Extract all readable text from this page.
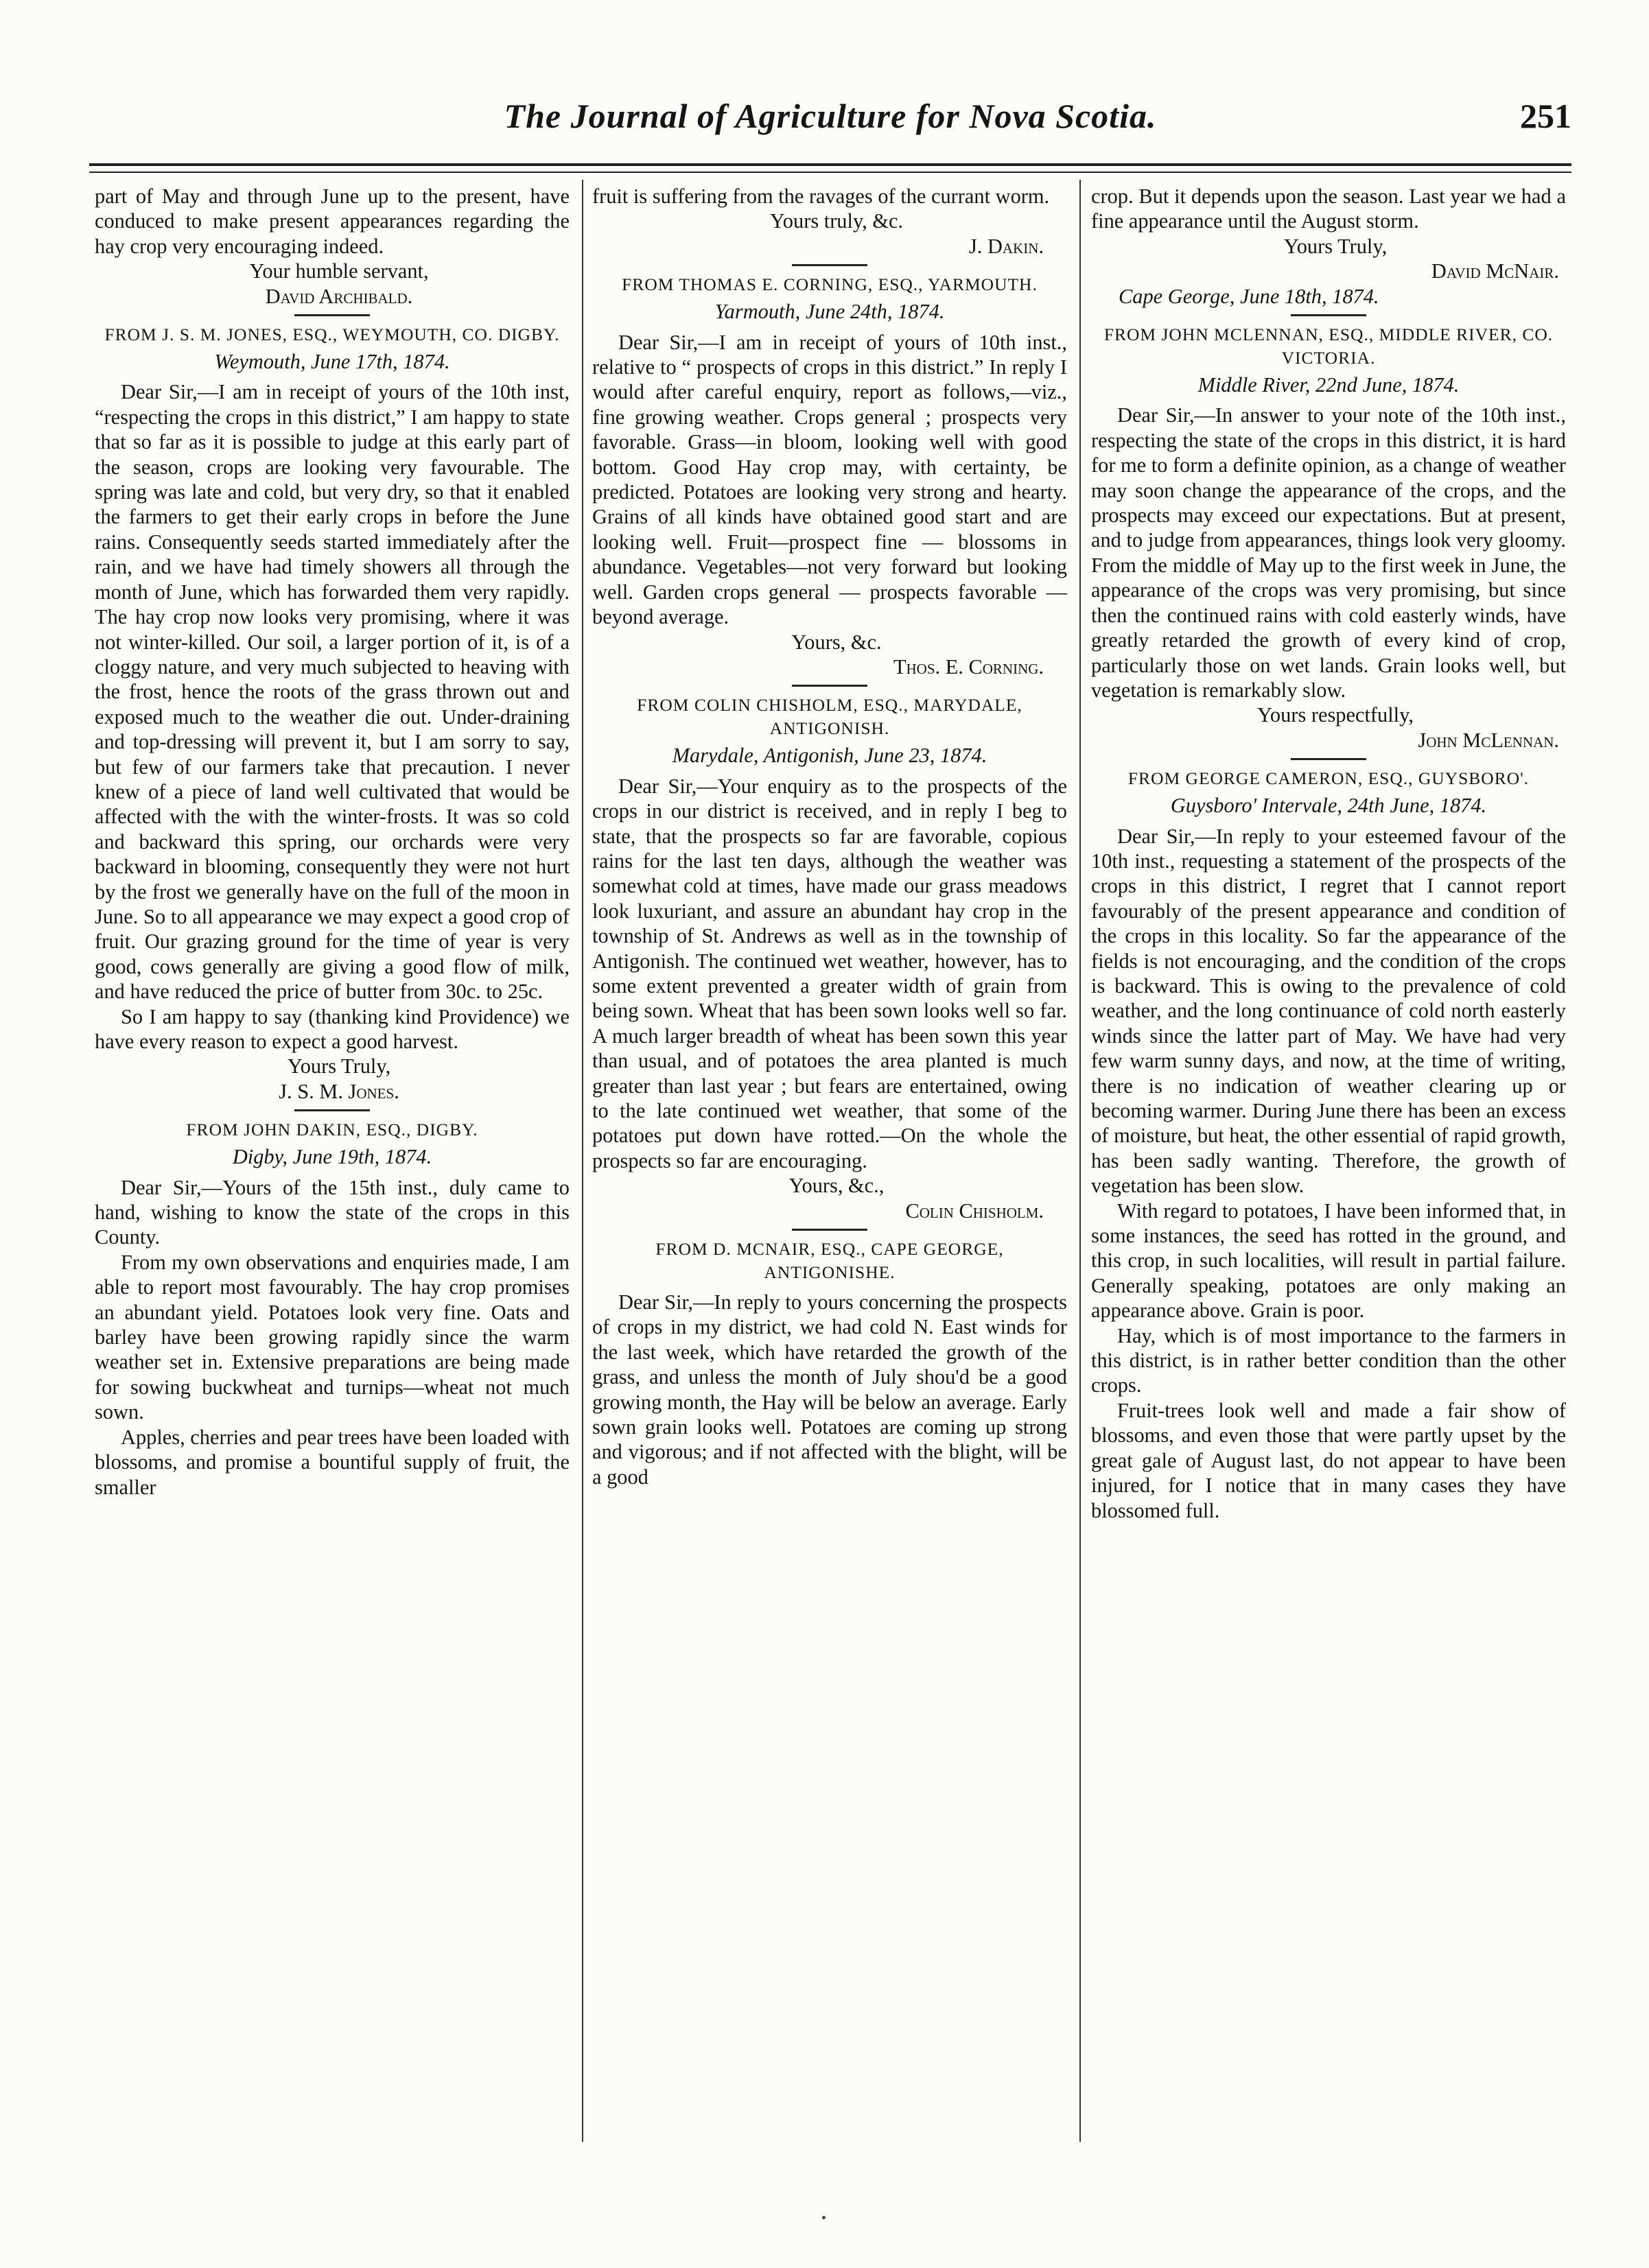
The Journal of Agriculture for Nova Scotia.	251

part of May and through June up to the present, have conduced to make present appearances regarding the hay crop very encouraging indeed.

Your humble servant,

David Archibald.

FROM J. S. M. JONES, ESQ., WEYMOUTH, CO. DIGBY.

Weymouth, June 17th, 1874.

Dear Sir,—I am in receipt of yours of the 10th inst, “respecting the crops in this district,” I am happy to state that so far as it is possible to judge at this early part of the season, crops are looking very favourable. The spring was late and cold, but very dry, so that it enabled the farmers to get their early crops in before the June rains. Consequently seeds started immediately after the rain, and we have had timely showers all through the month of June, which has forwarded them very rapidly. The hay crop now looks very promising, where it was not winter-killed. Our soil, a larger portion of it, is of a cloggy nature, and very much subjected to heaving with the frost, hence the roots of the grass thrown out and exposed much to the weather die out. Under-draining and top-dressing will prevent it, but I am sorry to say, but few of our farmers take that precaution. I never knew of a piece of land well cultivated that would be affected with the with the winter-frosts. It was so cold and backward this spring, our orchards were very backward in blooming, consequently they were not hurt by the frost we generally have on the full of the moon in June. So to all appearance we may expect a good crop of fruit. Our grazing ground for the time of year is very good, cows generally are giving a good flow of milk, and have reduced the price of butter from 30c. to 25c.

So I am happy to say (thanking kind Providence) we have every reason to expect a good harvest.

Yours Truly,

J. S. M. Jones.

FROM JOHN DAKIN, ESQ., DIGBY.

Digby, June 19th, 1874.

Dear Sir,—Yours of the 15th inst., duly came to hand, wishing to know the state of the crops in this County.

From my own observations and enquiries made, I am able to report most favourably. The hay crop promises an abundant yield. Potatoes look very fine. Oats and barley have been growing rapidly since the warm weather set in. Extensive preparations are being made for sowing buckwheat and turnips—wheat not much sown.

Apples, cherries and pear trees have been loaded with blossoms, and promise a bountiful supply of fruit, the smaller

fruit is suffering from the ravages of the currant worm.

Yours truly, &c.

J. Dakin.

FROM THOMAS E. CORNING, ESQ., YARMOUTH.

Yarmouth, June 24th, 1874.

Dear Sir,—I am in receipt of yours of 10th inst., relative to “ prospects of crops in this district.” In reply I would after careful enquiry, report as follows,—viz., fine growing weather. Crops general ; prospects very favorable. Grass—in bloom, looking well with good bottom. Good Hay crop may, with certainty, be predicted. Potatoes are looking very strong and hearty. Grains of all kinds have obtained good start and are looking well. Fruit—prospect fine — blossoms in abundance. Vegetables—not very forward but looking well. Garden crops general — prospects favorable — beyond average.

Yours, &c.

Thos. E. Corning.

FROM COLIN CHISHOLM, ESQ., MARYDALE, ANTIGONISH.

Marydale, Antigonish, June 23, 1874.

Dear Sir,—Your enquiry as to the prospects of the crops in our district is received, and in reply I beg to state, that the prospects so far are favorable, copious rains for the last ten days, although the weather was somewhat cold at times, have made our grass meadows look luxuriant, and assure an abundant hay crop in the township of St. Andrews as well as in the township of Antigonish. The continued wet weather, however, has to some extent prevented a greater width of grain from being sown. Wheat that has been sown looks well so far. A much larger breadth of wheat has been sown this year than usual, and of potatoes the area planted is much greater than last year ; but fears are entertained, owing to the late continued wet weather, that some of the potatoes put down have rotted.—On the whole the prospects so far are encouraging.

Yours, &c.,

Colin Chisholm.

FROM D. MCNAIR, ESQ., CAPE GEORGE, ANTIGONISHE.

Dear Sir,—In reply to yours concerning the prospects of crops in my district, we had cold N. East winds for the last week, which have retarded the growth of the grass, and unless the month of July shou'd be a good growing month, the Hay will be below an average. Early sown grain looks well. Potatoes are coming up strong and vigorous; and if not affected with the blight, will be a good

crop. But it depends upon the season. Last year we had a fine appearance until the August storm.

Yours Truly,

David McNair.

Cape George, June 18th, 1874.

FROM JOHN MCLENNAN, ESQ., MIDDLE RIVER, CO. VICTORIA.

Middle River, 22nd June, 1874.

Dear Sir,—In answer to your note of the 10th inst., respecting the state of the crops in this district, it is hard for me to form a definite opinion, as a change of weather may soon change the appearance of the crops, and the prospects may exceed our expectations. But at present, and to judge from appearances, things look very gloomy. From the middle of May up to the first week in June, the appearance of the crops was very promising, but since then the continued rains with cold easterly winds, have greatly retarded the growth of every kind of crop, particularly those on wet lands. Grain looks well, but vegetation is remarkably slow.

Yours respectfully,

John McLennan.

FROM GEORGE CAMERON, ESQ., GUYSBORO'.

Guysboro' Intervale, 24th June, 1874.

Dear Sir,—In reply to your esteemed favour of the 10th inst., requesting a statement of the prospects of the crops in this district, I regret that I cannot report favourably of the present appearance and condition of the crops in this locality. So far the appearance of the fields is not encouraging, and the condition of the crops is backward. This is owing to the prevalence of cold weather, and the long continuance of cold north easterly winds since the latter part of May. We have had very few warm sunny days, and now, at the time of writing, there is no indication of weather clearing up or becoming warmer. During June there has been an excess of moisture, but heat, the other essential of rapid growth, has been sadly wanting. Therefore, the growth of vegetation has been slow.

With regard to potatoes, I have been informed that, in some instances, the seed has rotted in the ground, and this crop, in such localities, will result in partial failure. Generally speaking, potatoes are only making an appearance above. Grain is poor.

Hay, which is of most importance to the farmers in this district, is in rather better condition than the other crops.

Fruit-trees look well and made a fair show of blossoms, and even those that were partly upset by the great gale of August last, do not appear to have been injured, for I notice that in many cases they have blossomed full.
